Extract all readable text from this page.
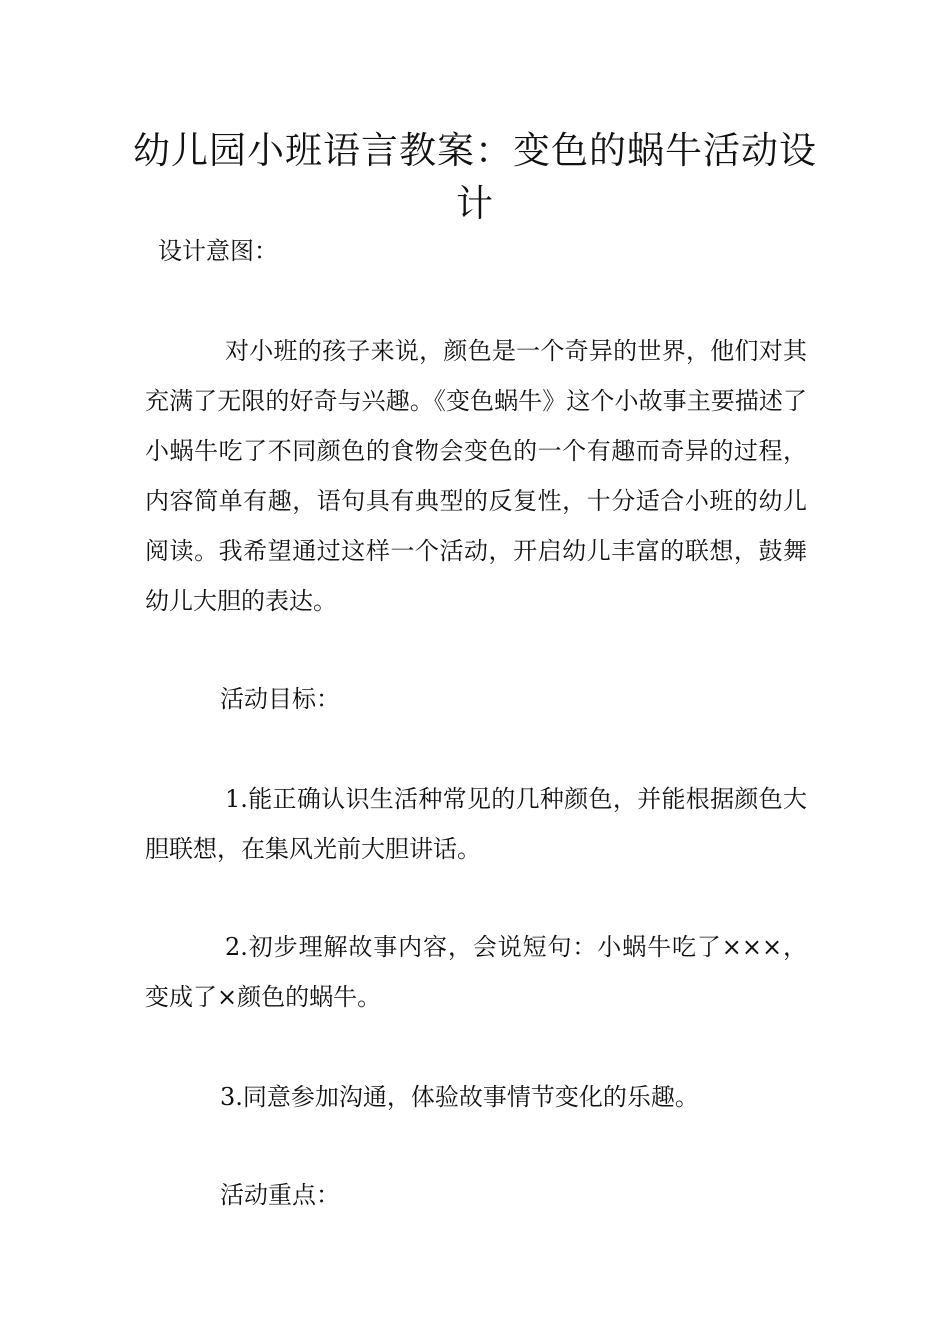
幼儿园小班语言教案：变色的蜗牛活动设计

设计意图：

对小班的孩子来说，颜色是一个奇异的世界，他们对其充满了无限的好奇与兴趣。《变色蜗牛》这个小故事主要描述了小蜗牛吃了不同颜色的食物会变色的一个有趣而奇异的过程，内容简单有趣，语句具有典型的反复性，十分适合小班的幼儿阅读。我希望通过这样一个活动，开启幼儿丰富的联想，鼓舞幼儿大胆的表达。

活动目标：

1.能正确认识生活种常见的几种颜色，并能根据颜色大胆联想，在集风光前大胆讲话。

2.初步理解故事内容，会说短句：小蜗牛吃了×××，变成了×颜色的蜗牛。

3.同意参加沟通，体验故事情节变化的乐趣。

活动重点：
